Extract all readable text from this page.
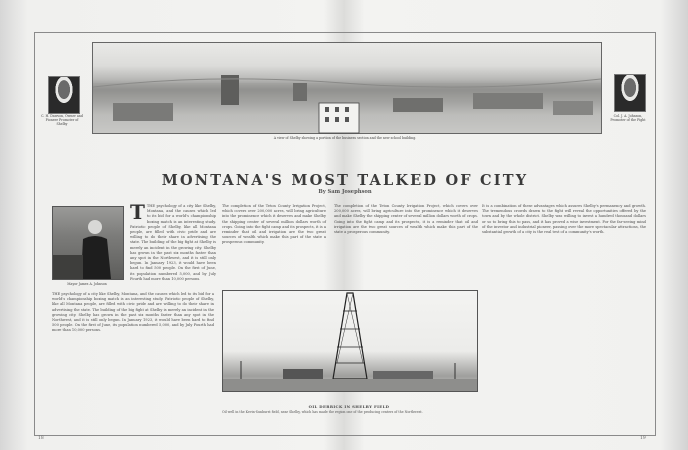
C. H. Dawson, Owner and Pioneer Promoter of Shelby
Col. J. A. Johnson, Promoter of the Fight
A view of Shelby showing a portion of the business section and the new school building.
MONTANA'S MOST TALKED OF CITY
By Sam Josephson
Mayor James A. Johnson
TTHE psychology of a city like Shelby, Montana, and the causes which led to its bid for a world's championship boxing match is an interesting study. Patriotic people of Shelby, like all Montana people, are filled with civic pride and are willing to do their share in advertising the state. The building of the big fight at Shelby is merely an incident in the growing city. Shelby has grown in the past six months faster than any spot in the Northwest, and it is still only begun. In January 1923, it would have been hard to find 500 people. On the first of June, its population numbered 5,000, and by July Fourth had more than 10,000 persons.
THE psychology of a city like Shelby, Montana, and the causes which led to its bid for a world's championship boxing match is an interesting study. Patriotic people of Shelby, like all Montana people, are filled with civic pride and are willing to do their share in advertising the state. The building of the big fight at Shelby is merely an incident in the growing city. Shelby has grown in the past six months faster than any spot in the Northwest, and it is still only begun. In January 1923, it would have been hard to find 500 people. On the first of June, its population numbered 5,000, and by July Fourth had more than 10,000 persons.
The completion of the Teton County Irrigation Project, which covers over 200,000 acres, will bring agriculture into the prominence which it deserves and make Shelby the shipping center of several million dollars worth of crops. Going into the fight camp and its prospects, it is a reminder that oil and irrigation are the two great sources of wealth which make this part of the state a prosperous community.
The completion of the Teton County Irrigation Project, which covers over 200,000 acres, will bring agriculture into the prominence which it deserves and make Shelby the shipping center of several million dollars worth of crops. Going into the fight camp and its prospects, it is a reminder that oil and irrigation are the two great sources of wealth which make this part of the state a prosperous community.
It is a combination of these advantages which assures Shelby's permanency and growth. The tremendous crowds drawn to the fight will reveal the opportunities offered by the town and by the whole district. Shelby was willing to invest a hundred thousand dollars or so to bring this to pass, and it has proved a wise investment. For the far-seeing mind of the investor and industrial pioneer, passing over the more spectacular attractions, the substantial growth of a city is the real test of a community's worth.
OIL DERRICK IN SHELBY FIELD
Oil well in the Kevin-Sunburst field, near Shelby, which has made the region one of the producing centers of the Northwest.
18	19
